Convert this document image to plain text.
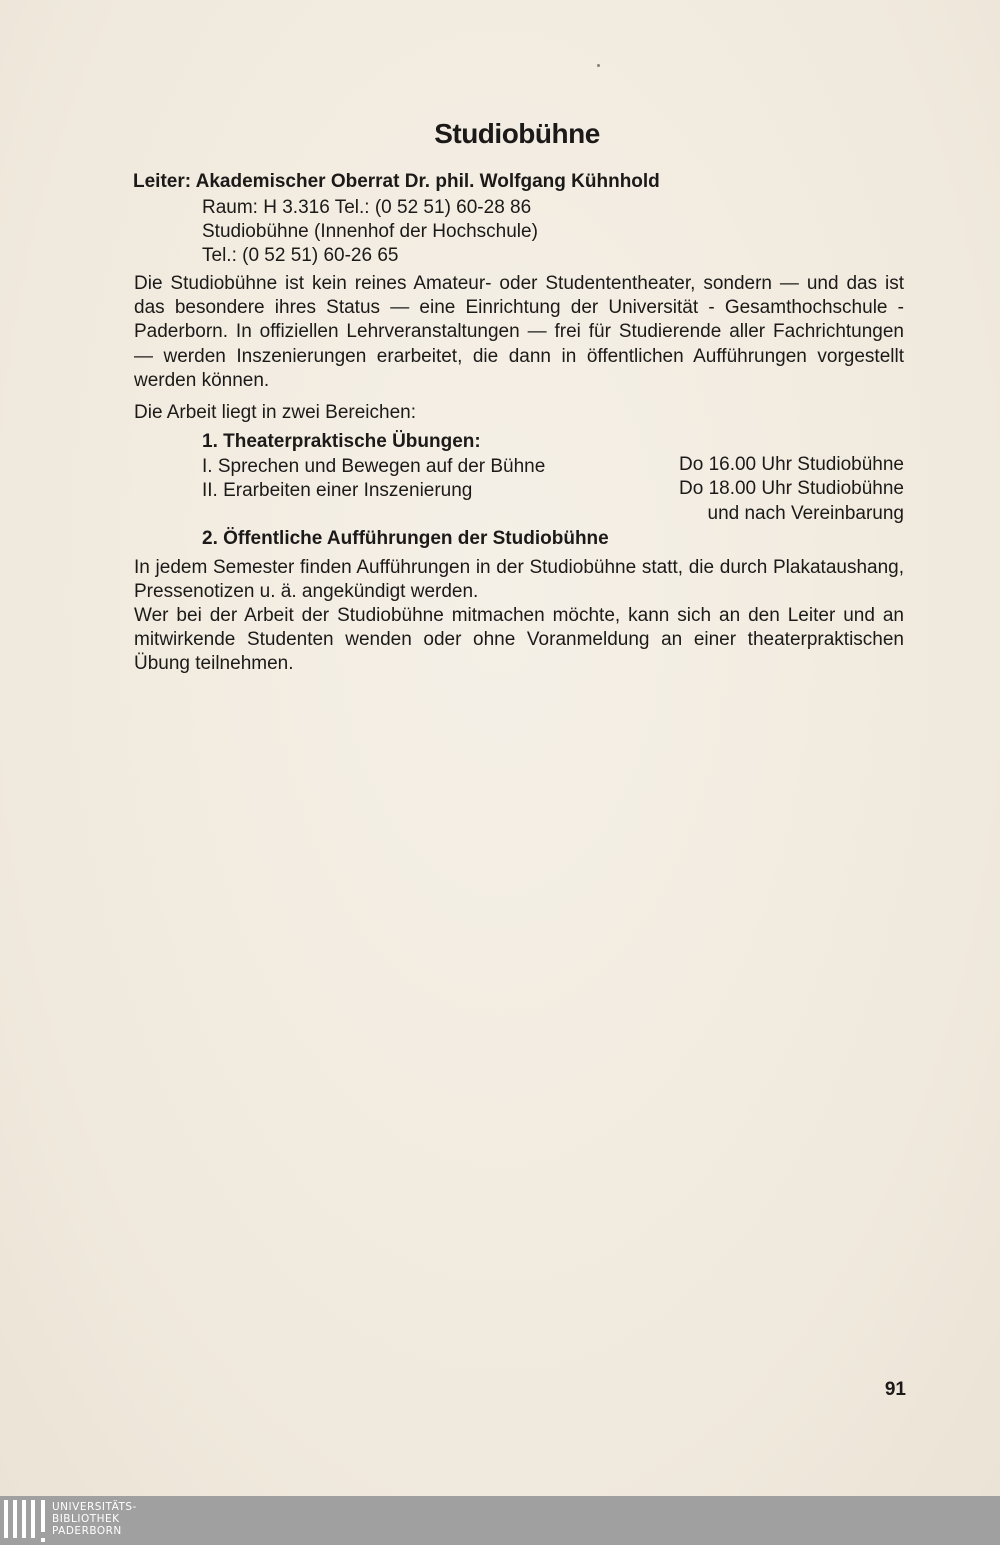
Studiobühne
Leiter: Akademischer Oberrat Dr. phil. Wolfgang Kühnhold
Raum: H 3.316 Tel.: (0 52 51) 60-28 86
Studiobühne (Innenhof der Hochschule)
Tel.: (0 52 51) 60-26 65
Die Studiobühne ist kein reines Amateur- oder Studententheater, sondern — und das ist das besondere ihres Status — eine Einrichtung der Universität - Gesamthochschule - Paderborn. In offiziellen Lehrveranstaltungen — frei für Studierende aller Fachrichtungen — werden Inszenierungen erarbeitet, die dann in öffentlichen Aufführungen vorgestellt werden können.
Die Arbeit liegt in zwei Bereichen:
1. Theaterpraktische Übungen:
I. Sprechen und Bewegen auf der Bühne	Do 16.00 Uhr Studiobühne
II. Erarbeiten einer Inszenierung	Do 18.00 Uhr Studiobühne
und nach Vereinbarung
2. Öffentliche Aufführungen der Studiobühne
In jedem Semester finden Aufführungen in der Studiobühne statt, die durch Plakataushang, Pressenotizen u. ä. angekündigt werden.
Wer bei der Arbeit der Studiobühne mitmachen möchte, kann sich an den Leiter und an mitwirkende Studenten wenden oder ohne Voranmeldung an einer theaterpraktischen Übung teilnehmen.
91
UNIVERSITÄTS-
BIBLIOTHEK
PADERBORN
